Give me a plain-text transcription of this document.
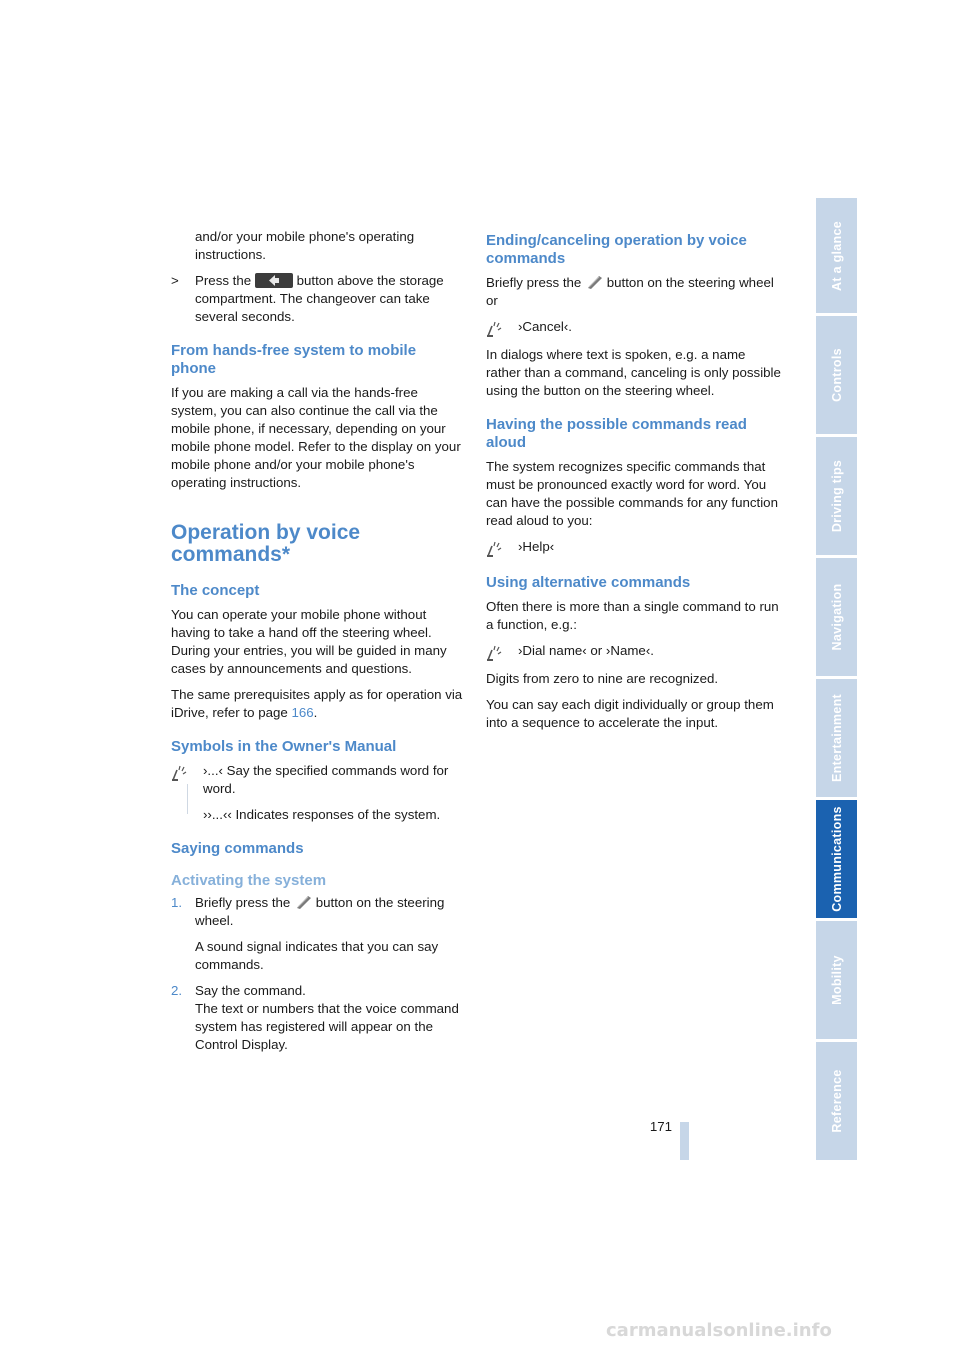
and/or your mobile phone's operating instructions.

> Press the	button above the storage compartment. The changeover can take several seconds.

From hands-free system to mobile phone

If you are making a call via the hands-free system, you can also continue the call via the mobile phone, if necessary, depending on your mobile phone model. Refer to the display on your mobile phone and/or your mobile phone's operating instructions.

Operation by voice commands*
The concept

You can operate your mobile phone without having to take a hand off the steering wheel. During your entries, you will be guided in many cases by announcements and questions.

The same prerequisites apply as for operation via iDrive, refer to page 166.

Symbols in the Owner's Manual

›...‹ Say the specified commands word for word.

››...‹‹ Indicates responses of the system.

Saying commands
Activating the system

1. Briefly press the button on the steering wheel.

A sound signal indicates that you can say commands.

2. Say the command.

The text or numbers that the voice command system has registered will appear on the Control Display.

Ending/canceling operation by voice commands

Briefly press the button on the steering wheel or

›Cancel‹.

In dialogs where text is spoken, e.g. a name rather than a command, canceling is only possible using the button on the steering wheel.

Having the possible commands read aloud

The system recognizes specific commands that must be pronounced exactly word for word. You can have the possible commands for any function read aloud to you:

›Help‹
Using alternative commands

Often there is more than a single command to run a function, e.g.:

›Dial name‹ or ›Name‹.

Digits from zero to nine are recognized.

You can say each digit individually or group them into a sequence to accelerate the input.

At a glance
Controls
Driving tips
Navigation
Entertainment
Communications
Mobility
Reference
171
carmanualsonline.info
